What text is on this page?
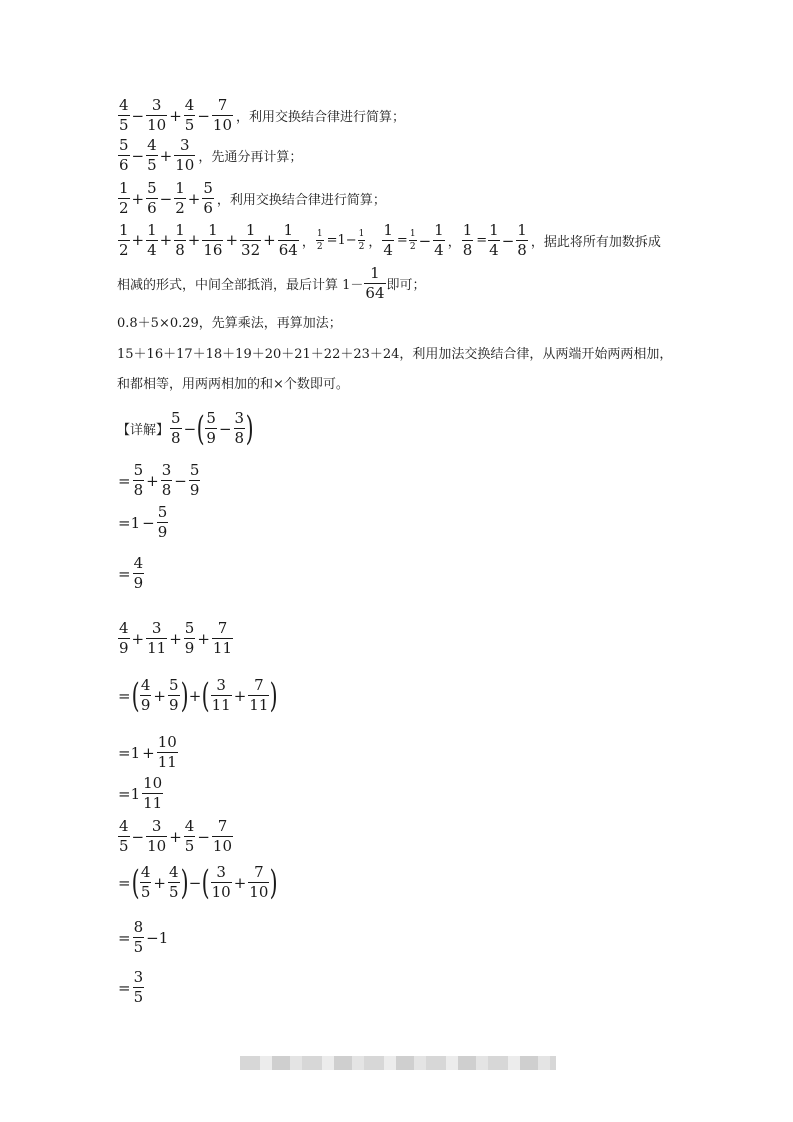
$\frac{4}{5} - \frac{3}{10} + \frac{4}{5} - \frac{7}{10}$ ，利用交换结合律进行简算；
$\frac{5}{6} - \frac{4}{5} + \frac{3}{10}$ ，先通分再计算；
$\frac{1}{2} + \frac{5}{6} - \frac{1}{2} + \frac{5}{6}$ ，利用交换结合律进行简算；
$\frac{1}{2} + \frac{1}{4} + \frac{1}{8} + \frac{1}{16} + \frac{1}{32} + \frac{1}{64}$ ， $\frac{1}{2} =1- \frac{1}{2}$ ， $\frac{1}{4} = \frac{1}{2} - \frac{1}{4}$ ， $\frac{1}{8} = \frac{1}{4} - \frac{1}{8}$ ，据此将所有加数拆成
相减的形式，中间全部抵消，最后计算 $1- \frac{1}{64}$ 即可；
0.8＋5×0.29，先算乘法，再算加法；
15＋16＋17＋18＋19＋20＋21＋22＋23＋24，利用加法交换结合律，从两端开始两两相加，
和都相等，用两两相加的和×个数即可。
【详解】 $\frac{5}{8}$ − ( $\frac{5}{9} - \frac{3}{8}$ )
= $\frac{5}{8} + \frac{3}{8} - \frac{5}{9}$
$=1 - \frac{5}{9}$
= $\frac{4}{9}$
$\frac{4}{9} + \frac{3}{11} + \frac{5}{9} + \frac{7}{11}$
= ( $\frac{4}{9} + \frac{5}{9}$ ) + ( $\frac{3}{11} + \frac{7}{11}$ )
$=1 + \frac{10}{11}$
$=1 \frac{10}{11}$
$\frac{4}{5} - \frac{3}{10} + \frac{4}{5} - \frac{7}{10}$
= ( $\frac{4}{5} + \frac{4}{5}$ ) − ( $\frac{3}{10} + \frac{7}{10}$ )
= $\frac{8}{5} -1$
= $\frac{3}{5}$
